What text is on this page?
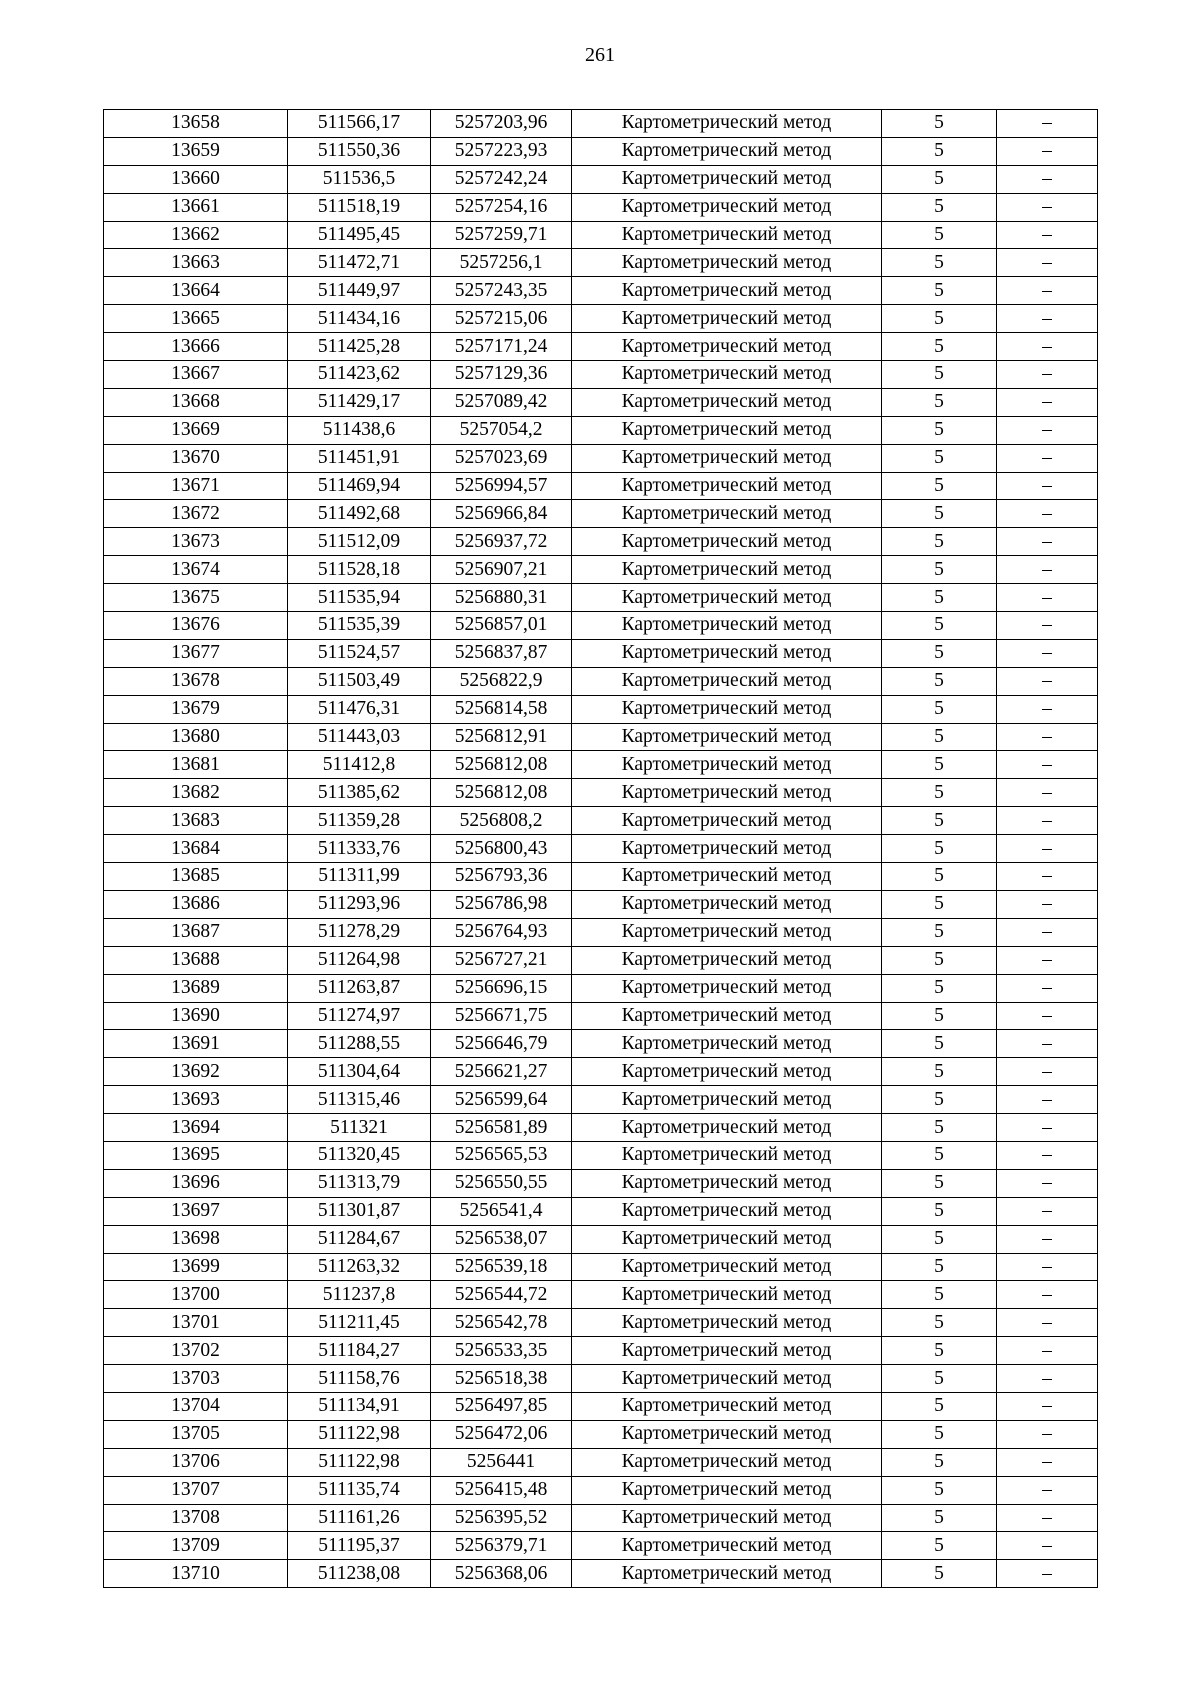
261
13658	511566,17	5257203,96	Картометрический метод	5	–
13659	511550,36	5257223,93	Картометрический метод	5	–
13660	511536,5	5257242,24	Картометрический метод	5	–
13661	511518,19	5257254,16	Картометрический метод	5	–
13662	511495,45	5257259,71	Картометрический метод	5	–
13663	511472,71	5257256,1	Картометрический метод	5	–
13664	511449,97	5257243,35	Картометрический метод	5	–
13665	511434,16	5257215,06	Картометрический метод	5	–
13666	511425,28	5257171,24	Картометрический метод	5	–
13667	511423,62	5257129,36	Картометрический метод	5	–
13668	511429,17	5257089,42	Картометрический метод	5	–
13669	511438,6	5257054,2	Картометрический метод	5	–
13670	511451,91	5257023,69	Картометрический метод	5	–
13671	511469,94	5256994,57	Картометрический метод	5	–
13672	511492,68	5256966,84	Картометрический метод	5	–
13673	511512,09	5256937,72	Картометрический метод	5	–
13674	511528,18	5256907,21	Картометрический метод	5	–
13675	511535,94	5256880,31	Картометрический метод	5	–
13676	511535,39	5256857,01	Картометрический метод	5	–
13677	511524,57	5256837,87	Картометрический метод	5	–
13678	511503,49	5256822,9	Картометрический метод	5	–
13679	511476,31	5256814,58	Картометрический метод	5	–
13680	511443,03	5256812,91	Картометрический метод	5	–
13681	511412,8	5256812,08	Картометрический метод	5	–
13682	511385,62	5256812,08	Картометрический метод	5	–
13683	511359,28	5256808,2	Картометрический метод	5	–
13684	511333,76	5256800,43	Картометрический метод	5	–
13685	511311,99	5256793,36	Картометрический метод	5	–
13686	511293,96	5256786,98	Картометрический метод	5	–
13687	511278,29	5256764,93	Картометрический метод	5	–
13688	511264,98	5256727,21	Картометрический метод	5	–
13689	511263,87	5256696,15	Картометрический метод	5	–
13690	511274,97	5256671,75	Картометрический метод	5	–
13691	511288,55	5256646,79	Картометрический метод	5	–
13692	511304,64	5256621,27	Картометрический метод	5	–
13693	511315,46	5256599,64	Картометрический метод	5	–
13694	511321	5256581,89	Картометрический метод	5	–
13695	511320,45	5256565,53	Картометрический метод	5	–
13696	511313,79	5256550,55	Картометрический метод	5	–
13697	511301,87	5256541,4	Картометрический метод	5	–
13698	511284,67	5256538,07	Картометрический метод	5	–
13699	511263,32	5256539,18	Картометрический метод	5	–
13700	511237,8	5256544,72	Картометрический метод	5	–
13701	511211,45	5256542,78	Картометрический метод	5	–
13702	511184,27	5256533,35	Картометрический метод	5	–
13703	511158,76	5256518,38	Картометрический метод	5	–
13704	511134,91	5256497,85	Картометрический метод	5	–
13705	511122,98	5256472,06	Картометрический метод	5	–
13706	511122,98	5256441	Картометрический метод	5	–
13707	511135,74	5256415,48	Картометрический метод	5	–
13708	511161,26	5256395,52	Картометрический метод	5	–
13709	511195,37	5256379,71	Картометрический метод	5	–
13710	511238,08	5256368,06	Картометрический метод	5	–
